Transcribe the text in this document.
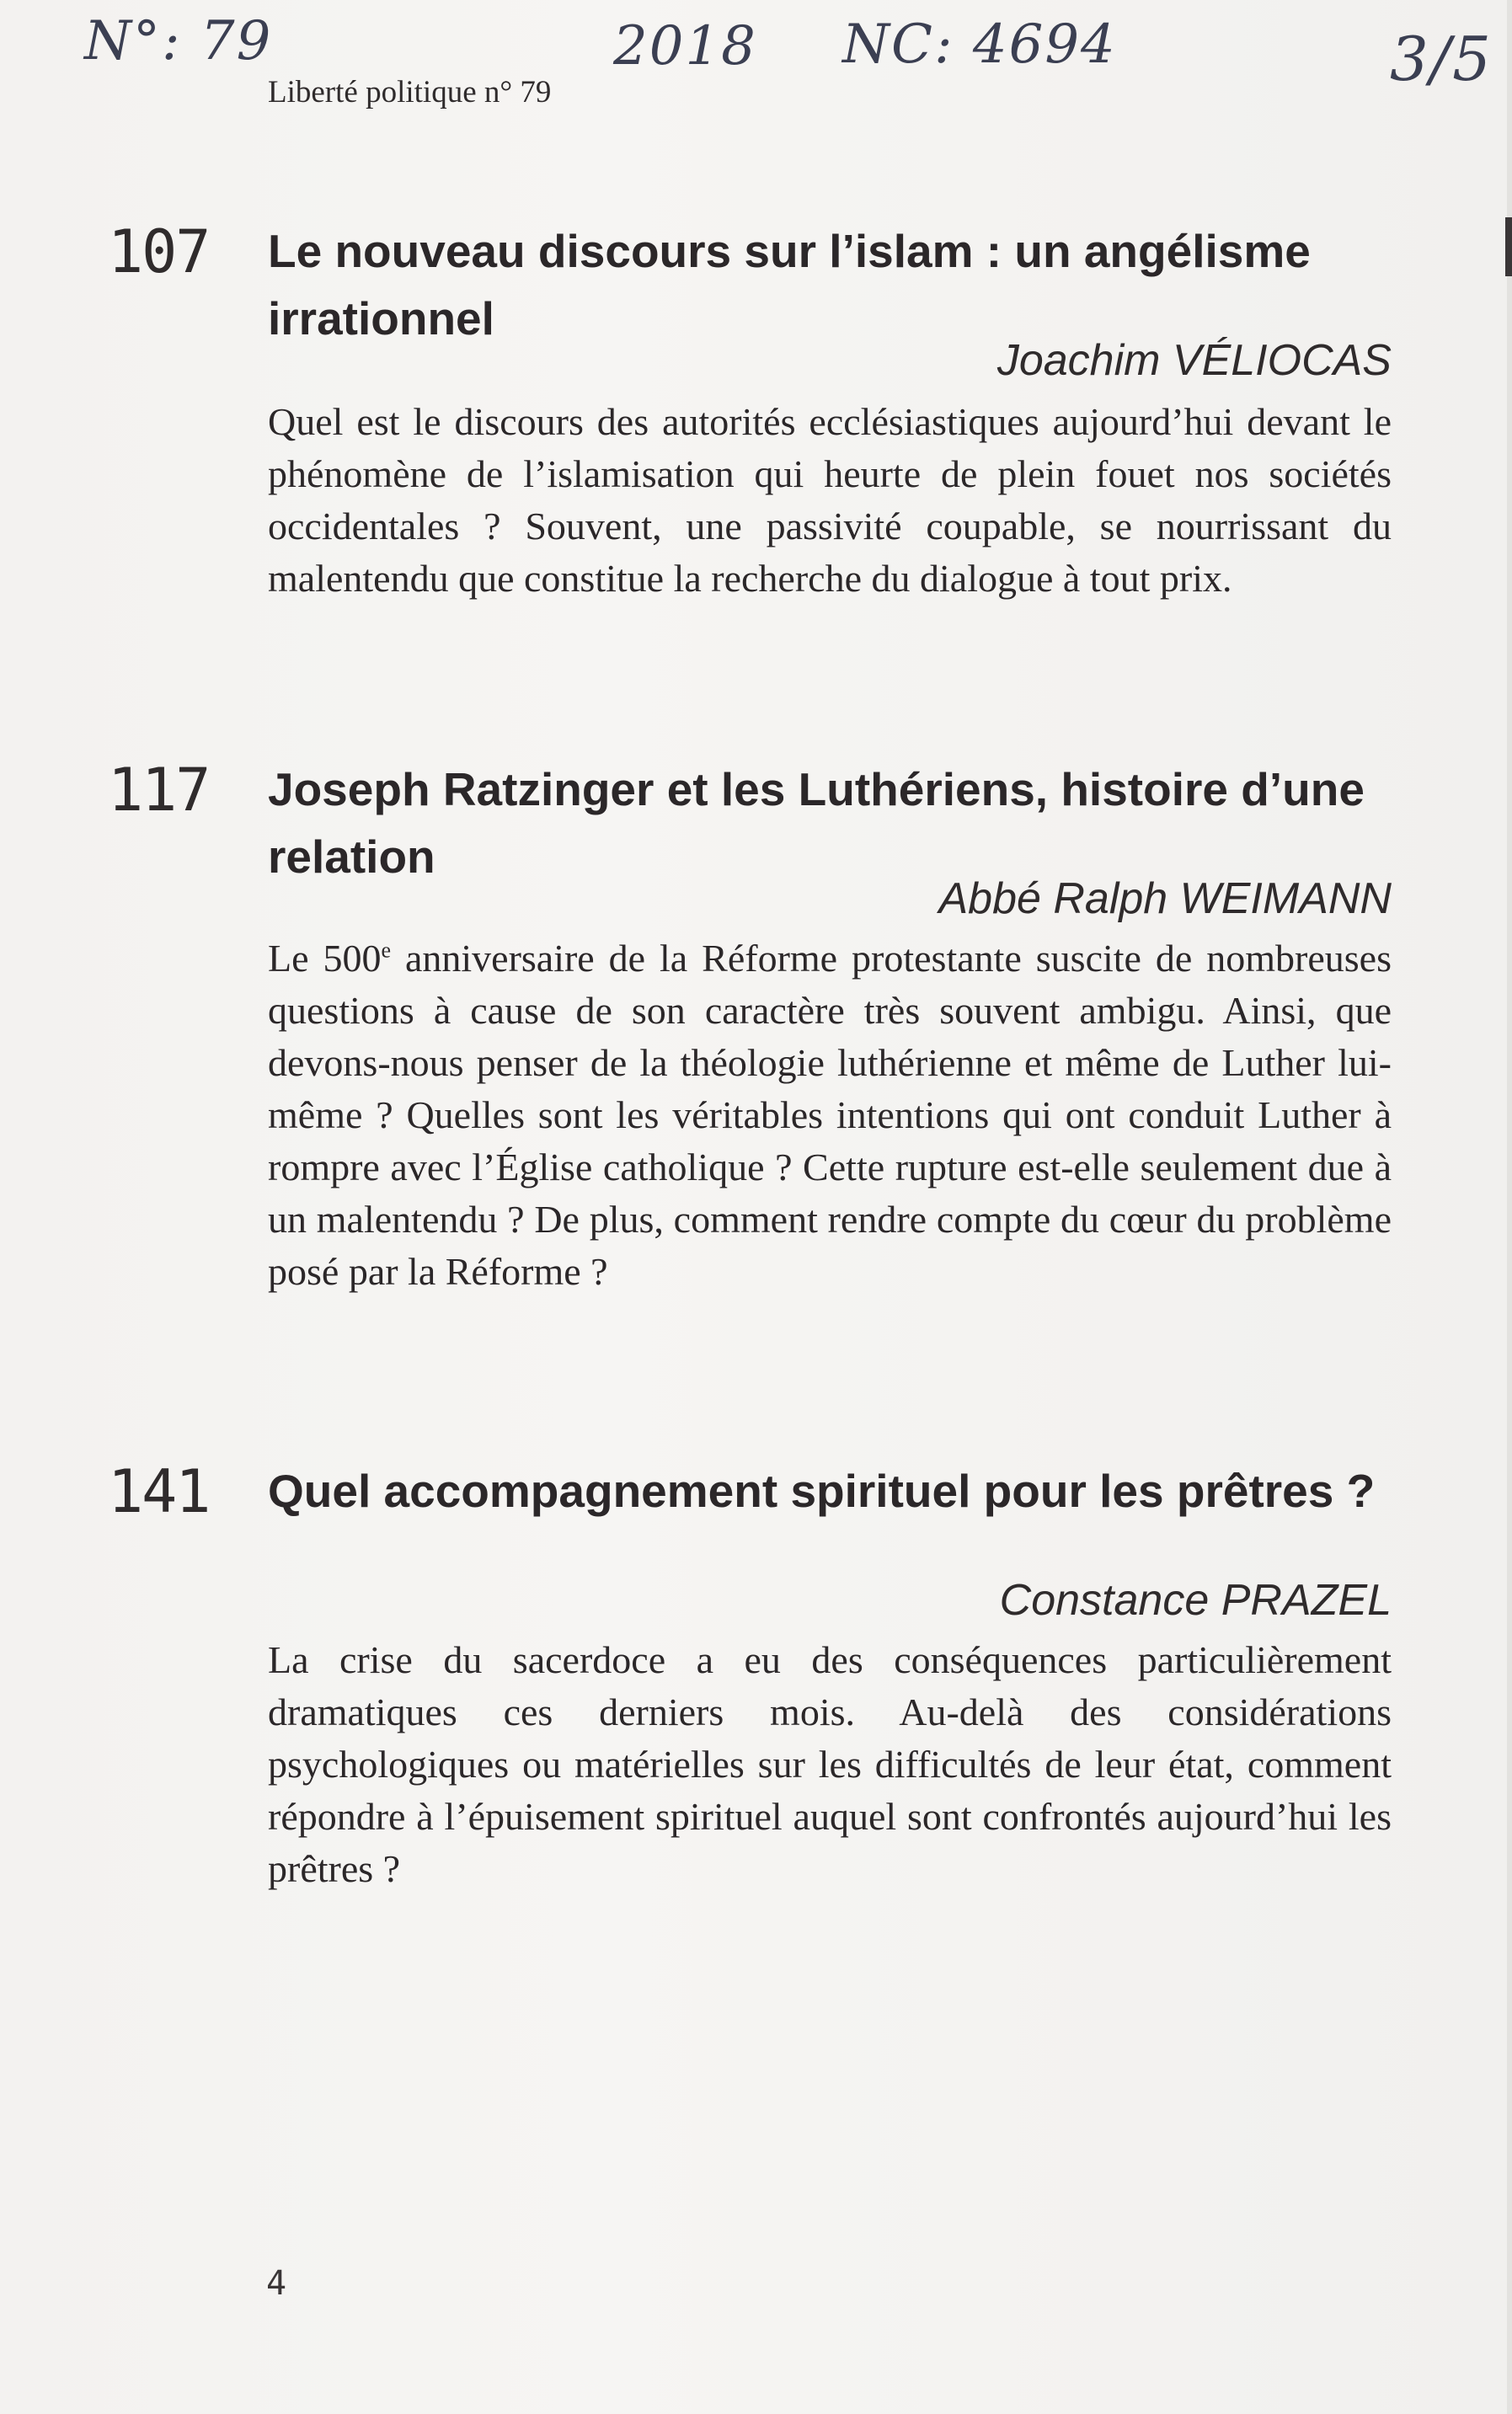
N°: 79	2018 NC: 4694	3/5
Liberté politique n° 79
107 Le nouveau discours sur l’islam : un angélisme irrationnel
Joachim VÉLIOCAS

Quel est le discours des autorités ecclésiastiques aujourd’hui devant le phénomène de l’islamisation qui heurte de plein fouet nos sociétés occidentales ? Souvent, une passivité coupable, se nourrissant du malentendu que constitue la recherche du dialogue à tout prix.

117 Joseph Ratzinger et les Luthériens, histoire d’une relation
Abbé Ralph WEIMANN

Le 500e anniversaire de la Réforme protestante suscite de nombreuses questions à cause de son caractère très souvent ambigu. Ainsi, que devons-nous penser de la théologie luthérienne et même de Luther lui-même ? Quelles sont les véritables intentions qui ont conduit Luther à rompre avec l’Église catholique ? Cette rupture est-elle seulement due à un malentendu ? De plus, comment rendre compte du cœur du problème posé par la Réforme ?

141 Quel accompagnement spirituel pour les prêtres ?
Constance PRAZEL

La crise du sacerdoce a eu des conséquences particulièrement dramatiques ces derniers mois. Au-delà des considérations psychologiques ou matérielles sur les difficultés de leur état, comment répondre à l’épuisement spirituel auquel sont confrontés aujourd’hui les prêtres ?

4
